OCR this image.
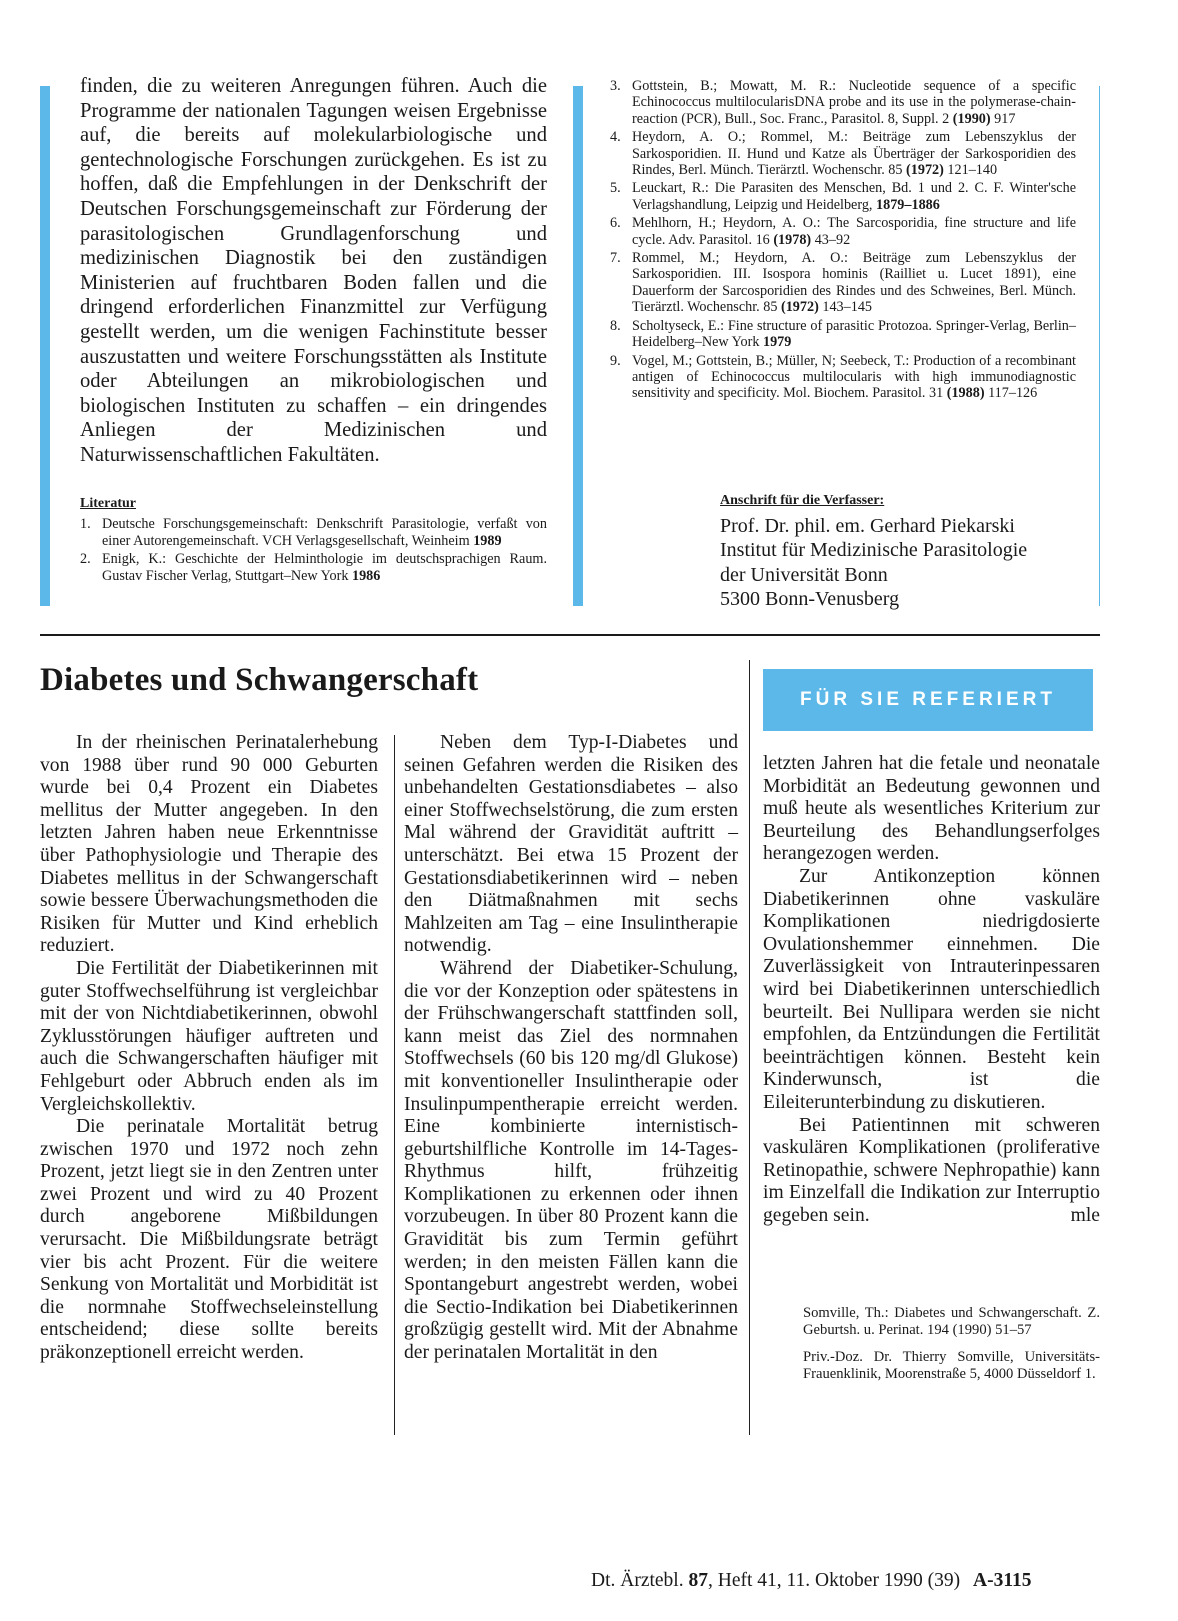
finden, die zu weiteren Anregungen führen. Auch die Programme der nationalen Tagungen weisen Ergebnisse auf, die bereits auf molekularbiologische und gentechnologische Forschungen zurückgehen. Es ist zu hoffen, daß die Empfehlungen in der Denkschrift der Deutschen Forschungsgemeinschaft zur Förderung der parasitologischen Grundlagenforschung und medizinischen Diagnostik bei den zuständigen Ministerien auf fruchtbaren Boden fallen und die dringend erforderlichen Finanzmittel zur Verfügung gestellt werden, um die wenigen Fachinstitute besser auszustatten und weitere Forschungsstätten als Institute oder Abteilungen an mikrobiologischen und biologischen Instituten zu schaffen – ein dringendes Anliegen der Medizinischen und Naturwissenschaftlichen Fakultäten.

Literatur
1. Deutsche Forschungsgemeinschaft: Denkschrift Parasitologie, verfaßt von einer Autorengemeinschaft. VCH Verlagsgesellschaft, Weinheim 1989
2. Enigk, K.: Geschichte der Helminthologie im deutschsprachigen Raum. Gustav Fischer Verlag, Stuttgart–New York 1986
3. Gottstein, B.; Mowatt, M. R.: Nucleotide sequence of a specific Echinococcus multilocularisDNA probe and its use in the polymerase-chain-reaction (PCR), Bull., Soc. Franc., Parasitol. 8, Suppl. 2 (1990) 917
4. Heydorn, A. O.; Rommel, M.: Beiträge zum Lebenszyklus der Sarkosporidien. II. Hund und Katze als Überträger der Sarkosporidien des Rindes, Berl. Münch. Tierärztl. Wochenschr. 85 (1972) 121–140
5. Leuckart, R.: Die Parasiten des Menschen, Bd. 1 und 2. C. F. Winter'sche Verlagshandlung, Leipzig und Heidelberg, 1879–1886
6. Mehlhorn, H.; Heydorn, A. O.: The Sarcosporidia, fine structure and life cycle. Adv. Parasitol. 16 (1978) 43–92
7. Rommel, M.; Heydorn, A. O.: Beiträge zum Lebenszyklus der Sarkosporidien. III. Isospora hominis (Railliet u. Lucet 1891), eine Dauerform der Sarcosporidien des Rindes und des Schweines, Berl. Münch. Tierärztl. Wochenschr. 85 (1972) 143–145
8. Scholtyseck, E.: Fine structure of parasitic Protozoa. Springer-Verlag, Berlin–Heidelberg–New York 1979
9. Vogel, M.; Gottstein, B.; Müller, N; Seebeck, T.: Production of a recombinant antigen of Echinococcus multilocularis with high immunodiagnostic sensitivity and specificity. Mol. Biochem. Parasitol. 31 (1988) 117–126
Anschrift für die Verfasser:
Prof. Dr. phil. em. Gerhard Piekarski
Institut für Medizinische Parasitologie
der Universität Bonn
5300 Bonn-Venusberg
Diabetes und Schwangerschaft
FÜR SIE REFERIERT

In der rheinischen Perinatalerhebung von 1988 über rund 90 000 Geburten wurde bei 0,4 Prozent ein Diabetes mellitus der Mutter angegeben. In den letzten Jahren haben neue Erkenntnisse über Pathophysiologie und Therapie des Diabetes mellitus in der Schwangerschaft sowie bessere Überwachungsmethoden die Risiken für Mutter und Kind erheblich reduziert.

Die Fertilität der Diabetikerinnen mit guter Stoffwechselführung ist vergleichbar mit der von Nichtdiabetikerinnen, obwohl Zyklusstörungen häufiger auftreten und auch die Schwangerschaften häufiger mit Fehlgeburt oder Abbruch enden als im Vergleichskollektiv.

Die perinatale Mortalität betrug zwischen 1970 und 1972 noch zehn Prozent, jetzt liegt sie in den Zentren unter zwei Prozent und wird zu 40 Prozent durch angeborene Mißbildungen verursacht. Die Mißbildungsrate beträgt vier bis acht Prozent. Für die weitere Senkung von Mortalität und Morbidität ist die normnahe Stoffwechseleinstellung entscheidend; diese sollte bereits präkonzeptionell erreicht werden.

Neben dem Typ-I-Diabetes und seinen Gefahren werden die Risiken des unbehandelten Gestationsdiabetes – also einer Stoffwechselstörung, die zum ersten Mal während der Gravidität auftritt – unterschätzt. Bei etwa 15 Prozent der Gestationsdiabetikerinnen wird – neben den Diätmaßnahmen mit sechs Mahlzeiten am Tag – eine Insulintherapie notwendig.

Während der Diabetiker-Schulung, die vor der Konzeption oder spätestens in der Frühschwangerschaft stattfinden soll, kann meist das Ziel des normnahen Stoffwechsels (60 bis 120 mg/dl Glukose) mit konventioneller Insulintherapie oder Insulinpumpentherapie erreicht werden. Eine kombinierte internistisch-geburtshilfliche Kontrolle im 14-Tages-Rhythmus hilft, frühzeitig Komplikationen zu erkennen oder ihnen vorzubeugen. In über 80 Prozent kann die Gravidität bis zum Termin geführt werden; in den meisten Fällen kann die Spontangeburt angestrebt werden, wobei die Sectio-Indikation bei Diabetikerinnen großzügig gestellt wird. Mit der Abnahme der perinatalen Mortalität in den

letzten Jahren hat die fetale und neonatale Morbidität an Bedeutung gewonnen und muß heute als wesentliches Kriterium zur Beurteilung des Behandlungserfolges herangezogen werden.

Zur Antikonzeption können Diabetikerinnen ohne vaskuläre Komplikationen niedrigdosierte Ovulationshemmer einnehmen. Die Zuverlässigkeit von Intrauterinpessaren wird bei Diabetikerinnen unterschiedlich beurteilt. Bei Nullipara werden sie nicht empfohlen, da Entzündungen die Fertilität beeinträchtigen können. Besteht kein Kinderwunsch, ist die Eileiterunterbindung zu diskutieren.

Bei Patientinnen mit schweren vaskulären Komplikationen (proliferative Retinopathie, schwere Nephropathie) kann im Einzelfall die Indikation zur Interruptio gegeben sein.	mle

Somville, Th.: Diabetes und Schwangerschaft. Z. Geburtsh. u. Perinat. 194 (1990) 51–57

Priv.-Doz. Dr. Thierry Somville, Universitäts-Frauenklinik, Moorenstraße 5, 4000 Düsseldorf 1.

Dt. Ärztebl. 87, Heft 41, 11. Oktober 1990 (39) A-3115
